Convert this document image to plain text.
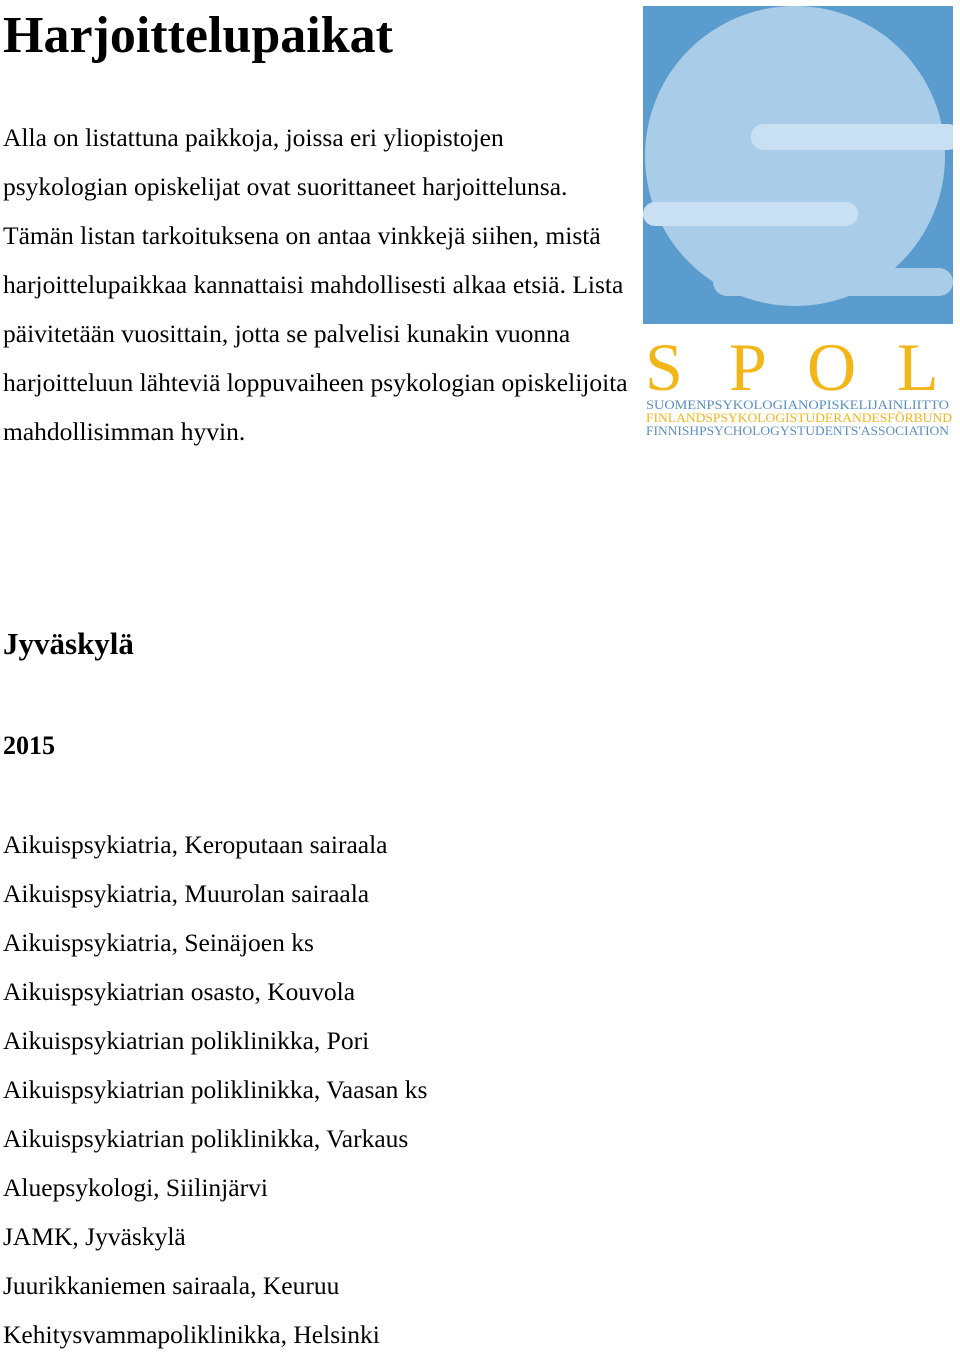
Harjoittelupaikat

Alla on listattuna paikkoja, joissa eri yliopistojen psykologian opiskelijat ovat suorittaneet harjoittelunsa. Tämän listan tarkoituksena on antaa vinkkejä siihen, mistä harjoittelupaikkaa kannattaisi mahdollisesti alkaa etsiä. Lista päivitetään vuosittain, jotta se palvelisi kunakin vuonna harjoitteluun lähteviä loppuvaiheen psykologian opiskelijoita mahdollisimman hyvin.

S P O L
SUOMENPSYKOLOGIANOPISKELIJAINLIITTO
FINLANDSPSYKOLOGISTUDERANDESFÖRBUND
FINNISHPSYCHOLOGYSTUDENTS'ASSOCIATION
Jyväskylä
2015
Aikuispsykiatria, Keroputaan sairaala
Aikuispsykiatria, Muurolan sairaala
Aikuispsykiatria, Seinäjoen ks
Aikuispsykiatrian osasto, Kouvola
Aikuispsykiatrian poliklinikka, Pori
Aikuispsykiatrian poliklinikka, Vaasan ks
Aikuispsykiatrian poliklinikka, Varkaus
Aluepsykologi, Siilinjärvi
JAMK, Jyväskylä
Juurikkaniemen sairaala, Keuruu
Kehitysvammapoliklinikka, Helsinki
